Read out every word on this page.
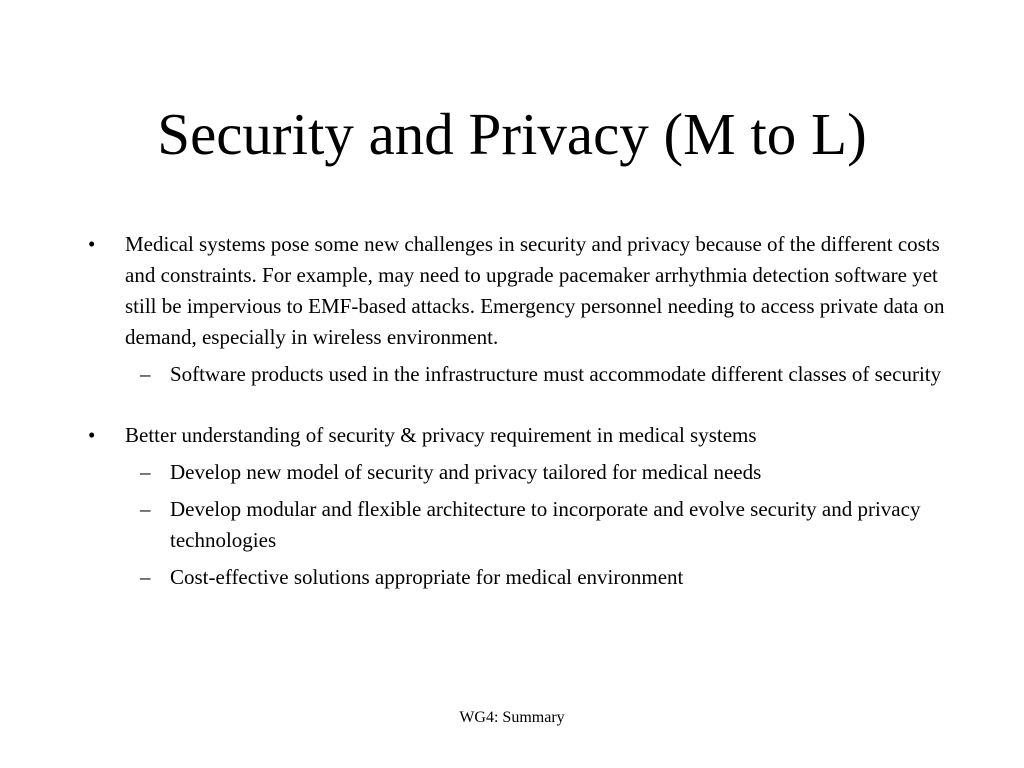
Security and Privacy (M to L)
• Medical systems pose some new challenges in security and privacy because of the different costs and constraints. For example, may need to upgrade pacemaker arrhythmia detection software yet still be impervious to EMF-based attacks. Emergency personnel needing to access private data on demand, especially in wireless environment.
– Software products used in the infrastructure must accommodate different classes of security
• Better understanding of security & privacy requirement in medical systems
– Develop new model of security and privacy tailored for medical needs
– Develop modular and flexible architecture to incorporate and evolve security and privacy technologies
– Cost-effective solutions appropriate for medical environment
WG4: Summary
